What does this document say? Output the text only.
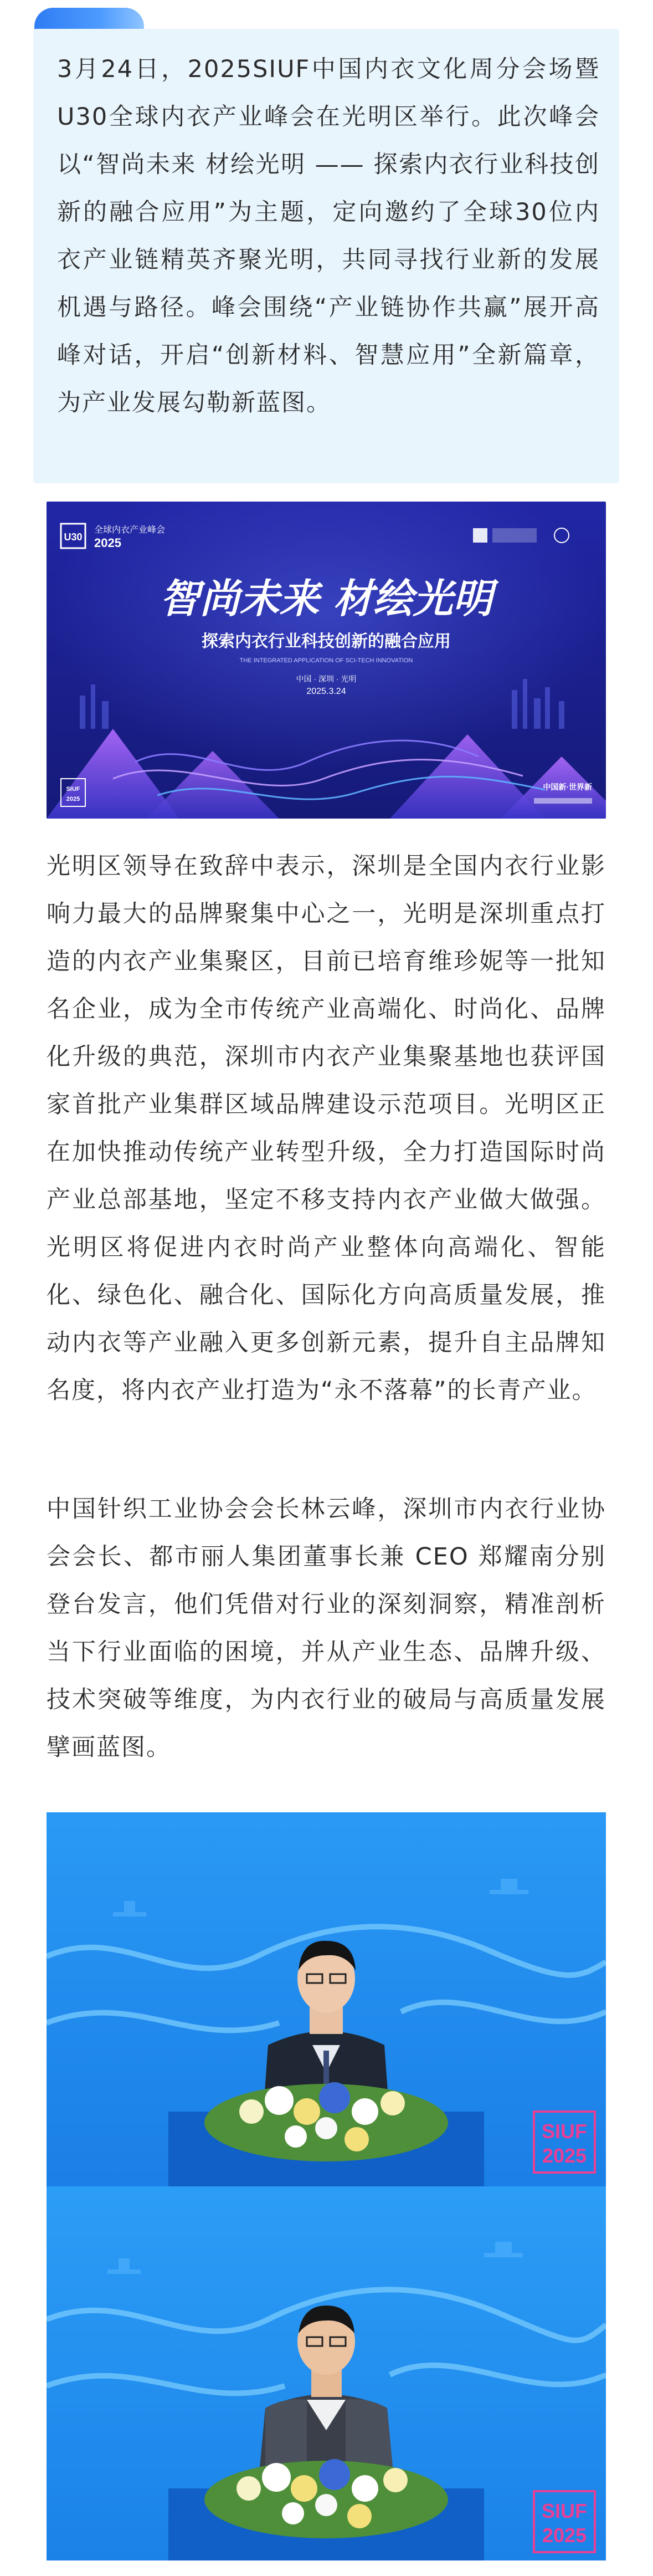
3月24日，2025SIUF中国内衣文化周分会场暨U30全球内衣产业峰会在光明区举行。此次峰会以“智尚未来 材绘光明 —— 探索内衣行业科技创新的融合应用”为主题，定向邀约了全球30位内衣产业链精英齐聚光明，共同寻找行业新的发展机遇与路径。峰会围绕“产业链协作共赢”展开高峰对话，开启“创新材料、智慧应用”全新篇章，为产业发展勾勒新蓝图。

U30
全球内衣产业峰会
2025
智尚未来 材绘光明
探索内衣行业科技创新的融合应用
THE INTEGRATED APPLICATION OF SCI-TECH INNOVATION
中国 · 深圳 · 光明
2025.3.24
SIUF
2025
中国新·世界新

光明区领导在致辞中表示，深圳是全国内衣行业影响力最大的品牌聚集中心之一，光明是深圳重点打造的内衣产业集聚区，目前已培育维珍妮等一批知名企业，成为全市传统产业高端化、时尚化、品牌化升级的典范，深圳市内衣产业集聚基地也获评国家首批产业集群区域品牌建设示范项目。光明区正在加快推动传统产业转型升级，全力打造国际时尚产业总部基地，坚定不移支持内衣产业做大做强。光明区将促进内衣时尚产业整体向高端化、智能化、绿色化、融合化、国际化方向高质量发展，推动内衣等产业融入更多创新元素，提升自主品牌知名度，将内衣产业打造为“永不落幕”的长青产业。

中国针织工业协会会长林云峰，深圳市内衣行业协会会长、都市丽人集团董事长兼 CEO 郑耀南分别登台发言，他们凭借对行业的深刻洞察，精准剖析当下行业面临的困境，并从产业生态、品牌升级、技术突破等维度，为内衣行业的破局与高质量发展擘画蓝图。

SIUF
2025
SIUF
2025
